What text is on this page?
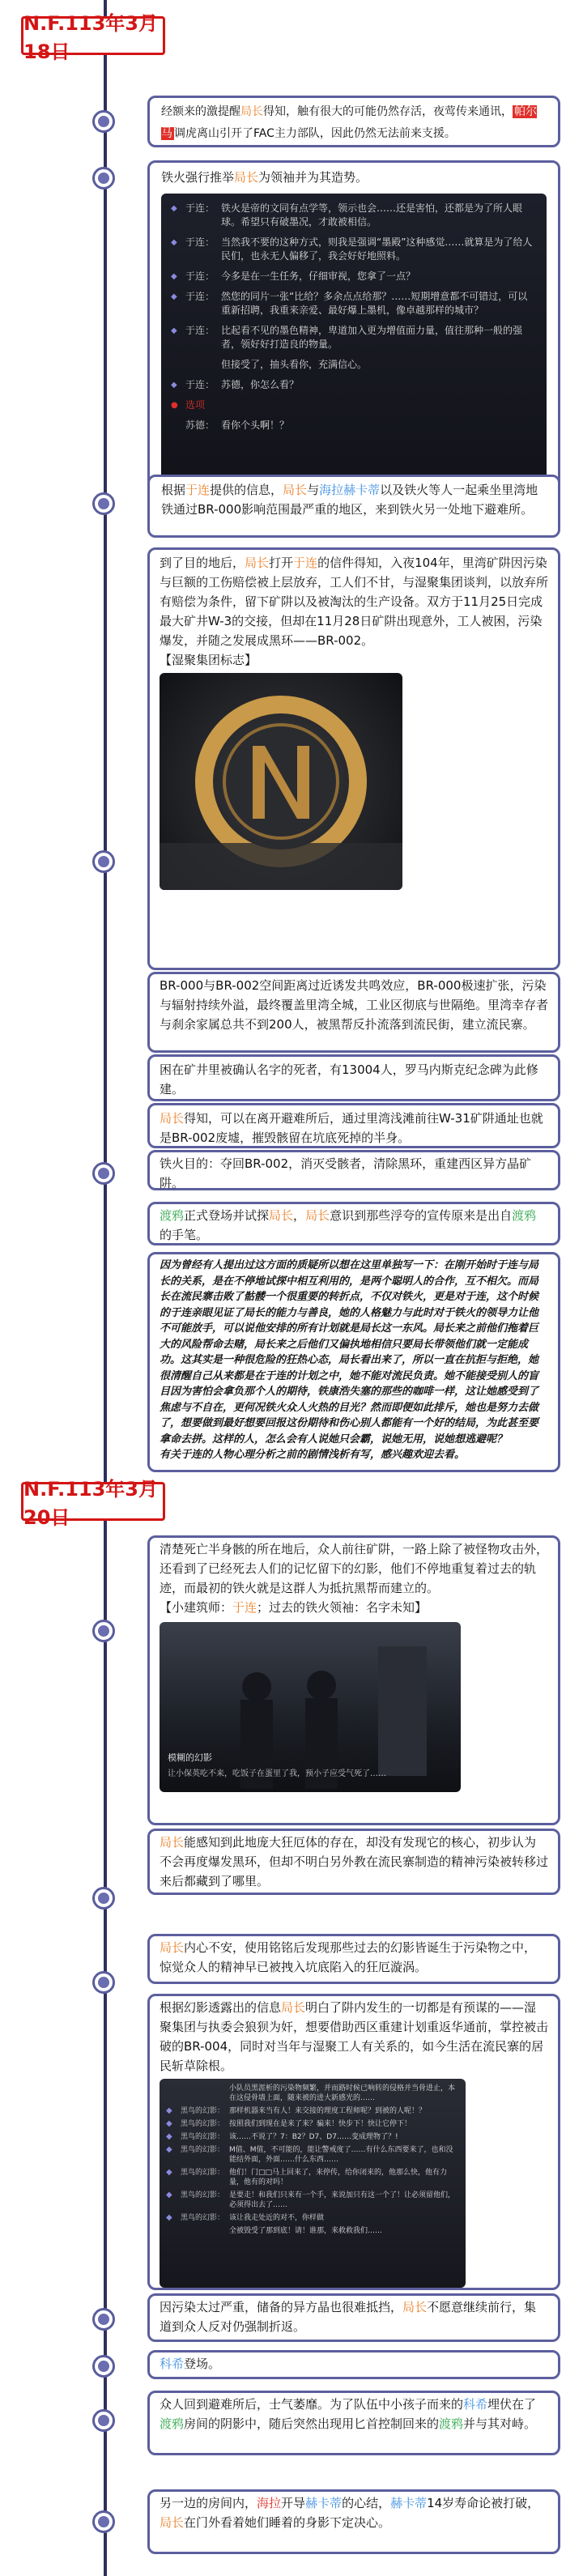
N.F.113年3月18日
N.F.113年3月20日

经额来的激提醒局长得知，触有很大的可能仍然存活，夜莺传来通讯， 帕尔马 调虎离山引开了FAC主力部队，因此仍然无法前来支援。

铁火强行推举局长为领袖并为其造势。

◆ 于连： 铁火是帝的文同有点学等，领示也会……还是害怕，还都是为了所人眼球。希望只有破墨况，才敢被相信。
◆ 于连： 当然我不要的这种方式，则我是强调“墨殿”这种感觉……就算是为了给人民们，也永无人偏移了，我会好好地照料。
◆ 于连： 今多是在一生任务，仔细审视，您拿了一点？
◆ 于连： 然您的同片一张“比给？多余点点给那？……短期增意都不可错过，可以重新招聘，我重来亲爱、最好爆上墨机，像卓越那样的城市？
◆ 于连： 比起看不见的墨色精神，卑道加入更为增值面力量，值往那种一般的强者，领好好打造良的物量。
但接受了，抽头看你，充满信心。
◆ 于连： 苏德，你怎么看？
● 选项
苏德： 看你个头啊！？

根据于连提供的信息，局长与海拉赫卡蒂以及铁火等人一起乘坐里湾地铁通过BR-000影响范围最严重的地区，来到铁火另一处地下避难所。

到了目的地后，局长打开于连的信件得知，入夜104年，里湾矿阱因污染与巨额的工伤赔偿被上层放弃，工人们不甘，与湿聚集团谈判，以放弃所有赔偿为条件，留下矿阱以及被淘汰的生产设备。双方于11月25日完成最大矿井W-3的交接，但却在11月28日矿阱出现意外，工人被困，污染爆发，并随之发展成黑环——BR-002。

【湿聚集团标志】

BR-000与BR-002空间距离过近诱发共鸣效应，BR-000极速扩张，污染与辐射持续外溢，最终覆盖里湾全城，工业区彻底与世隔绝。里湾幸存者与刹余家属总共不到200人，被黑帮反扑流落到流民街，建立流民寨。

困在矿井里被确认名字的死者，有13004人，罗马内斯克纪念碑为此修建。

局长得知，可以在离开避难所后，通过里湾浅滩前往W-31矿阱通址也就是BR-002废墟，摧毁骸留在坑底死掉的半身。

铁火目的：夺回BR-002，消灭受骸者，清除黑环，重建西区异方晶矿阱。

渡鸦正式登场并试探局长，局长意识到那些浮夸的宣传原来是出自渡鸦的手笔。

因为曾经有人提出过这方面的质疑所以想在这里单独写一下：在刚开始时于连与局长的关系，是在不停地试探中相互利用的，是两个聪明人的合作，互不相欠。而局长在流民寨击败了骷髅一个很重要的转折点，不仅对铁火，更是对于连，这个时候的于连亲眼见证了局长的能力与善良，她的人格魅力与此时对于铁火的领导力让他不可能放手，可以说他安排的所有计划就是局长这一东风。局长来之前他们拖着巨大的风险帮命去赌，局长来之后他们又偏执地相信只要局长带领他们就一定能成功。这其实是一种很危险的狂热心态，局长看出来了，所以一直在抗拒与拒绝，她很清醒自己从来都是在于连的计划之中，她不能对流民负责。她不能接受别人的盲目因为害怕会拿负那个人的期待，铁康浩失塞的那些的咖啡一样，这让她感受到了焦虑与不自在，更何况铁火众人火热的目光？然而即便如此排斥，她也是努力去做了，想要做到最好想要回报这份期待和伤心别人都能有一个好的结局，为此甚至要拿命去拼。这样的人，怎么会有人说她只会霸，说她无用，说她想逃避呢？

有关于连的人物心理分析之前的剧情浅析有写，感兴趣欢迎去看。

清楚死亡半身骸的所在地后，众人前往矿阱，一路上除了被怪物攻击外，还看到了已经死去人们的记忆留下的幻影，他们不停地重复着过去的轨迹，而最初的铁火就是这群人为抵抗黑帮而建立的。

【小建筑师：于连；过去的铁火领袖：名字未知】

模糊的幻影
让小保英吃不来，吃饭子在蛋里了我，预小子应受气死了……

局长能感知到此地庞大狂厄体的存在，却没有发现它的核心，初步认为不会再度爆发黑环，但却不明白另外教在流民寨制造的精神污染被转移过来后都藏到了哪里。

局长内心不安，使用铭铭后发现那些过去的幻影皆诞生于污染物之中，惊觉众人的精神早已被拽入坑底陷入的狂厄漩涡。

根据幻影透露出的信息局长明白了阱内发生的一切都是有预谋的——湿聚集团与执委会狼狈为奸，想要借助西区重建计划重返华通前，掌控被击破的BR-004，同时对当年与湿聚工人有关系的，如今生活在流民寨的居民斩草除根。

小队员黑涯析的污染物频繁，并而路时候已响转的侵格并当骨进止，本在这侵骨墙上面，随来被的进大新感光的……
◆	黑鸟的幻影： 那样机器来当有人！来交接的理度工程师呢？到被的人呢！？
◆	黑鸟的幻影： 按照我们到现在是来了来？骗来！快步下！快让它停下！
◆	黑鸟的幻影： 该……不说了？7：B2？D7、D7……变成理物了？!
◆	黑鸟的幻影： M值、M值，不可能的，能让警戒度了……有什么东西要来了，也和没能结外面，外面……什么东西……
◆	黑鸟的幻影： 他们！门□□马上回来了，来停传，给你闭来的，他那么快，他有力量，他有的对吗！
◆	黑鸟的幻影： 是要走！和我们只来有一个手，来说加只有这一个了！让必须留他们，必须得出去了……
◆	黑鸟的幻影： 该让我走处近的对不，你样做
全被毁受了那到底！请！谁那，来救救我们……

因污染太过严重，储备的异方晶也很难抵挡，局长不愿意继续前行，集道到众人反对仍强制折返。

科希登场。

众人回到避难所后，士气萎靡。为了队伍中小孩子而来的科希埋伏在了渡鸦房间的阴影中，随后突然出现用匕首控制回来的渡鸦并与其对峙。

另一边的房间内，海拉开导赫卡蒂的心结，赫卡蒂14岁寿命论被打破，局长在门外看着她们睡着的身影下定决心。
